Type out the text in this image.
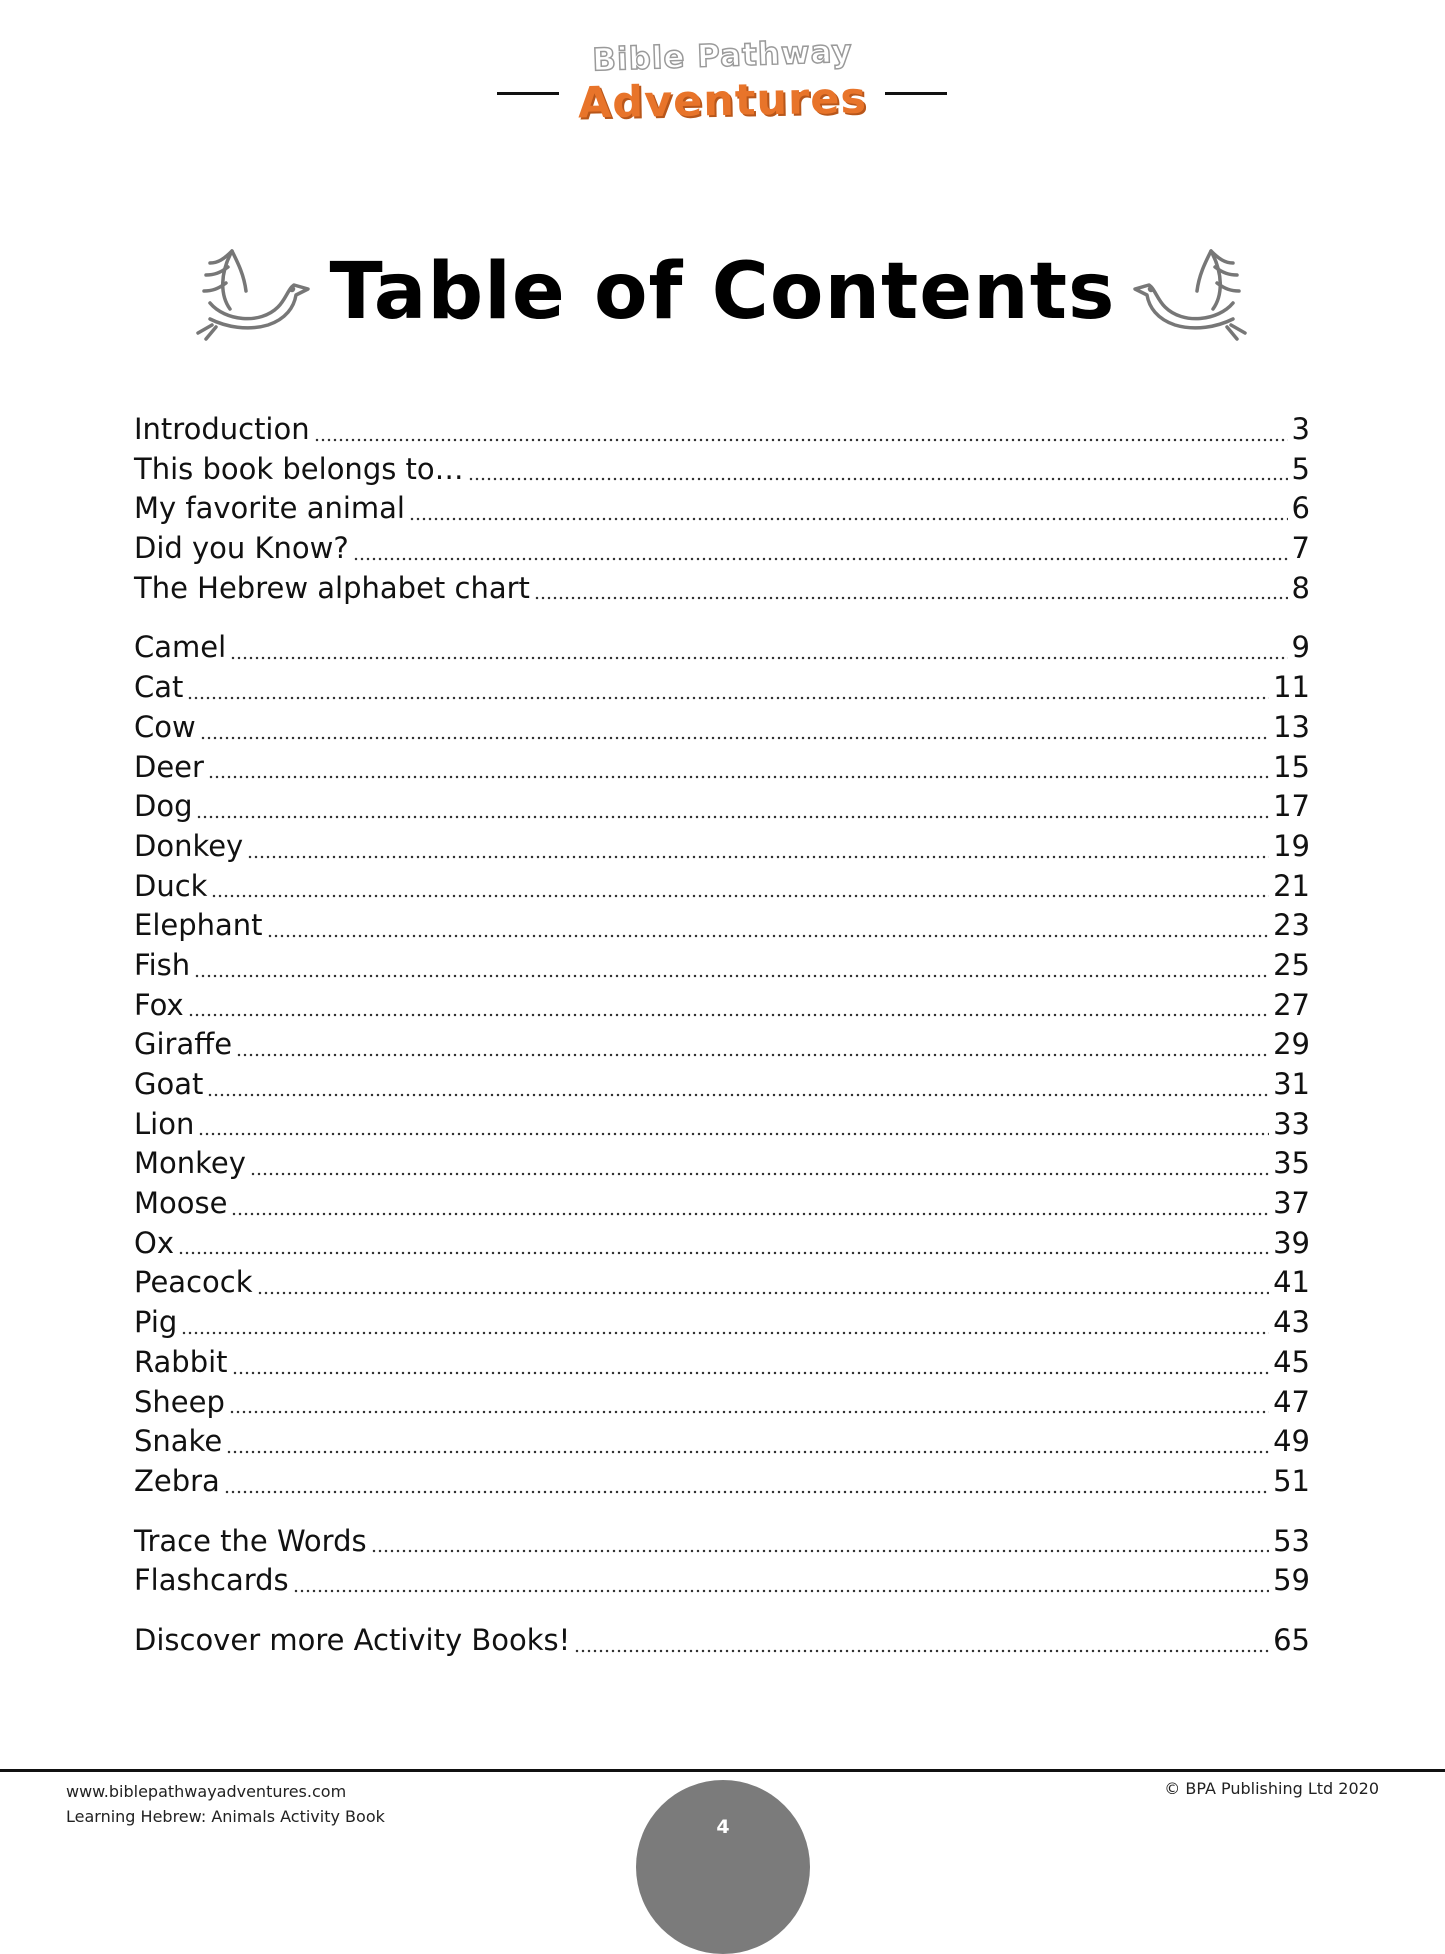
Bible Pathway
Adventures
Table of Contents
Introduction	3
This book belongs to…	5
My favorite animal	6
Did you Know?	7
The Hebrew alphabet chart	8
Camel	9
Cat	11
Cow	13
Deer	15
Dog	17
Donkey	19
Duck	21
Elephant	23
Fish	25
Fox	27
Giraffe	29
Goat	31
Lion	33
Monkey	35
Moose	37
Ox	39
Peacock	41
Pig	43
Rabbit	45
Sheep	47
Snake	49
Zebra	51
Trace the Words	53
Flashcards	59
Discover more Activity Books!	65
www.biblepathwayadventures.com
Learning Hebrew: Animals Activity Book	4
© BPA Publishing Ltd 2020
